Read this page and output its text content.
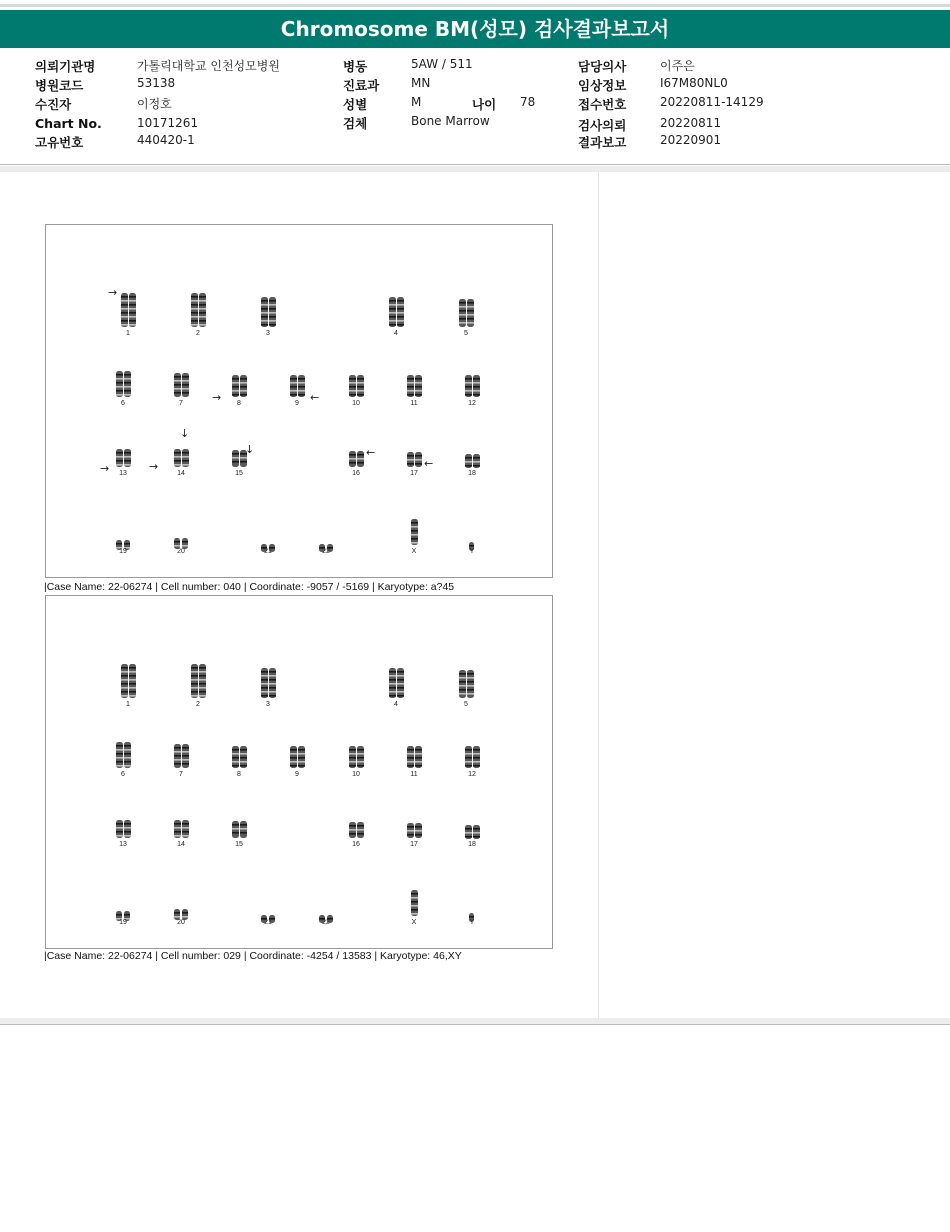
Chromosome BM(성모) 검사결과보고서
의뢰기관명	가톨릭대학교 인천성모병원
병원코드	53138
수진자	이정호
Chart No.	10171261
고유번호	440420-1
병동	5AW / 511
진료과	MN
성별	M	나이 78
검체	Bone Marrow
담당의사	이주은
임상정보	I67M80NL0
접수번호	20220811-14129
검사의뢰	20220811
결과보고	20220901
1	2	3	4	5
6	7	8	9	10	11	12
13	14	15	16	17	18
19	20	21	22	X	Y
→
→	←
→	→
↓
↓	←
←
|Case Name: 22-06274 | Cell number: 040 | Coordinate: -9057 / -5169 | Karyotype: a?45
1	2	3	4	5
6	7	8	9	10	11	12
13	14	15	16	17	18
19	20	21	22	X	Y
|Case Name: 22-06274 | Cell number: 029 | Coordinate: -4254 / 13583 | Karyotype: 46,XY
